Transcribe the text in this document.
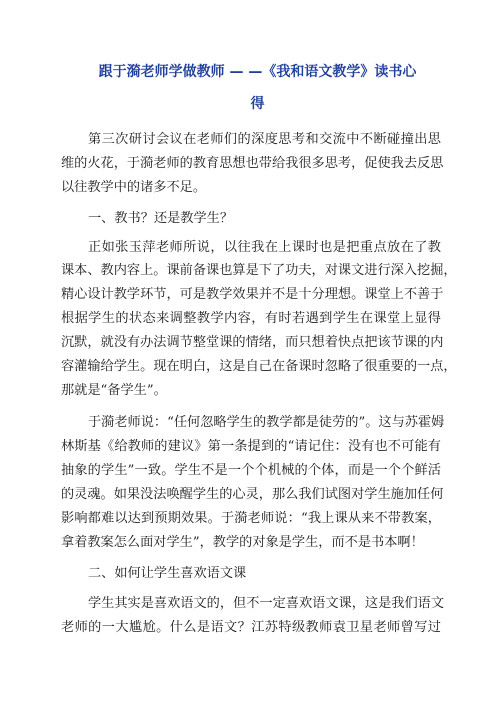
跟于漪老师学做教师 — —《我和语文教学》读书心
得
第三次研讨会议在老师们的深度思考和交流中不断碰撞出思
维的火花，于漪老师的教育思想也带给我很多思考，促使我去反思
以往教学中的诸多不足。
一、教书？还是教学生？
正如张玉萍老师所说，以往我在上课时也是把重点放在了教
课本、教内容上。课前备课也算是下了功夫，对课文进行深入挖掘，
精心设计教学环节，可是教学效果并不是十分理想。课堂上不善于
根据学生的状态来调整教学内容，有时若遇到学生在课堂上显得
沉默，就没有办法调节整堂课的情绪，而只想着快点把该节课的内
容灌输给学生。现在明白，这是自己在备课时忽略了很重要的一点，
那就是“备学生”。
于漪老师说：“任何忽略学生的教学都是徒劳的”。这与苏霍姆
林斯基《给教师的建议》第一条提到的“请记住：没有也不可能有
抽象的学生”一致。学生不是一个个机械的个体，而是一个个鲜活
的灵魂。如果没法唤醒学生的心灵，那么我们试图对学生施加任何
影响都难以达到预期效果。于漪老师说：“我上课从来不带教案，
拿着教案怎么面对学生”，教学的对象是学生，而不是书本啊！
二、如何让学生喜欢语文课
学生其实是喜欢语文的，但不一定喜欢语文课，这是我们语文
老师的一大尴尬。什么是语文？江苏特级教师袁卫星老师曾写过
